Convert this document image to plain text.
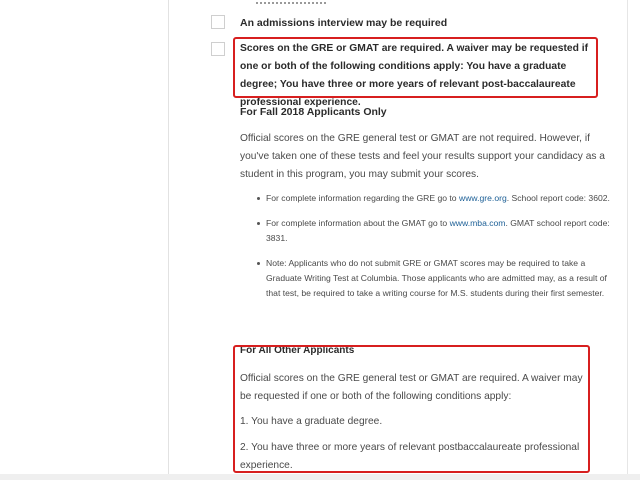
An admissions interview may be required
Scores on the GRE or GMAT are required. A waiver may be requested if one or both of the following conditions apply: You have a graduate degree; You have three or more years of relevant post-baccalaureate professional experience.
For Fall 2018 Applicants Only
Official scores on the GRE general test or GMAT are not required. However, if you've taken one of these tests and feel your results support your candidacy as a student in this program, you may submit your scores.
For complete information regarding the GRE go to www.gre.org. School report code: 3602.
For complete information about the GMAT go to www.mba.com. GMAT school report code: 3831.
Note: Applicants who do not submit GRE or GMAT scores may be required to take a Graduate Writing Test at Columbia. Those applicants who are admitted may, as a result of that test, be required to take a writing course for M.S. students during their first semester.
For All Other Applicants
Official scores on the GRE general test or GMAT are required. A waiver may be requested if one or both of the following conditions apply:
1. You have a graduate degree.
2. You have three or more years of relevant postbaccalaureate professional experience.
